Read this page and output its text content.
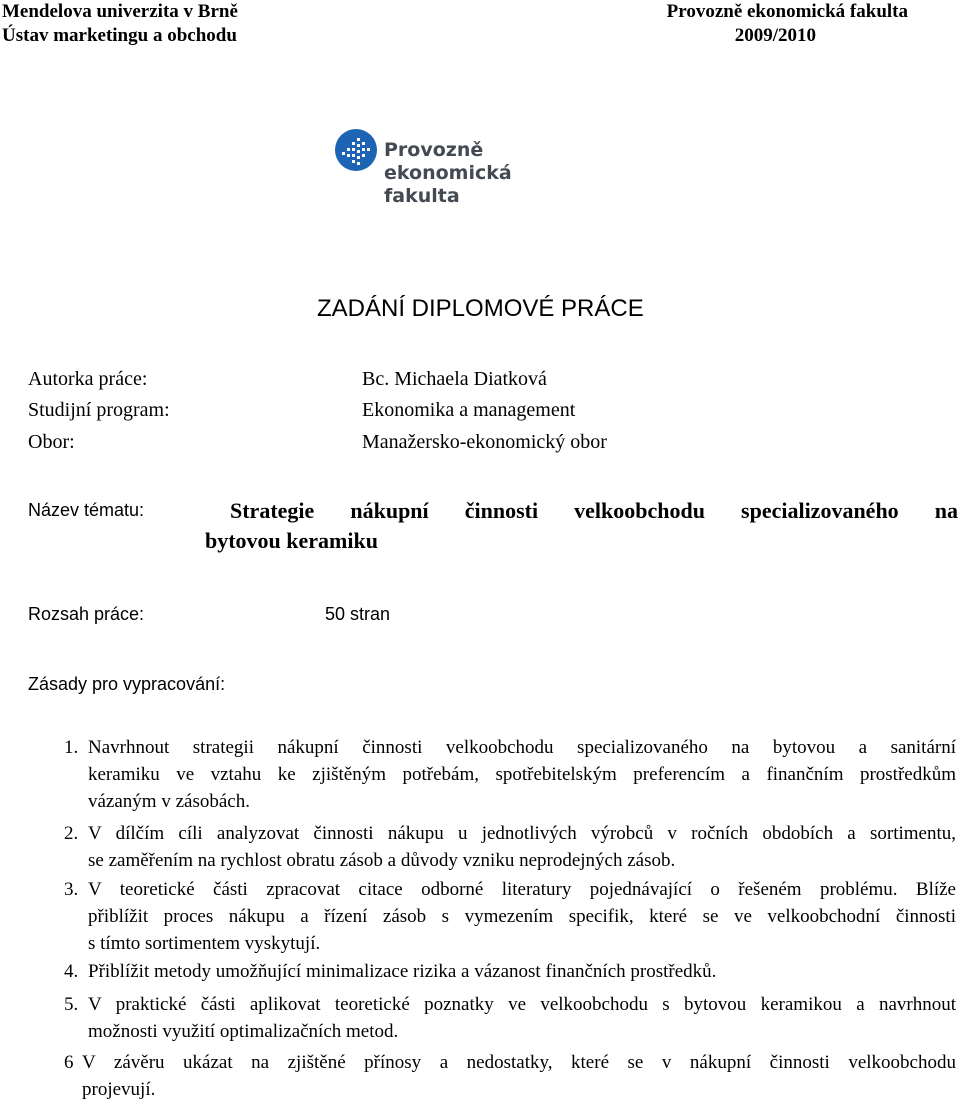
Mendelova univerzita v Brně	Provozně ekonomická fakulta
Ústav marketingu a obchodu	2009/2010
Provozně
ekonomická
fakulta
ZADÁNÍ DIPLOMOVÉ PRÁCE
Autorka práce:	Bc. Michaela Diatková
Studijní program:	Ekonomika a management
Obor:	Manažersko-ekonomický obor
Název tématu:	Strategie nákupní činnosti velkoobchodu specializovaného na
bytovou keramiku
Rozsah práce:	50 stran
Zásady pro vypracování:
1. Navrhnout strategii nákupní činnosti velkoobchodu specializovaného na bytovou a sanitární
keramiku ve vztahu ke zjištěným potřebám, spotřebitelským preferencím a finančním prostředkům
vázaným v zásobách.
2. V dílčím cíli analyzovat činnosti nákupu u jednotlivých výrobců v ročních obdobích a sortimentu,
se zaměřením na rychlost obratu zásob a důvody vzniku neprodejných zásob.
3. V teoretické části zpracovat citace odborné literatury pojednávající o řešeném problému. Blíže
přiblížit proces nákupu a řízení zásob s vymezením specifik, které se ve velkoobchodní činnosti
s tímto sortimentem vyskytují.
4. Přiblížit metody umožňující minimalizace rizika a vázanost finančních prostředků.
5. V praktické části aplikovat teoretické poznatky ve velkoobchodu s bytovou keramikou a navrhnout
možnosti využití optimalizačních metod.
6 V závěru ukázat na zjištěné přínosy a nedostatky, které se v nákupní činnosti velkoobchodu
projevují.
